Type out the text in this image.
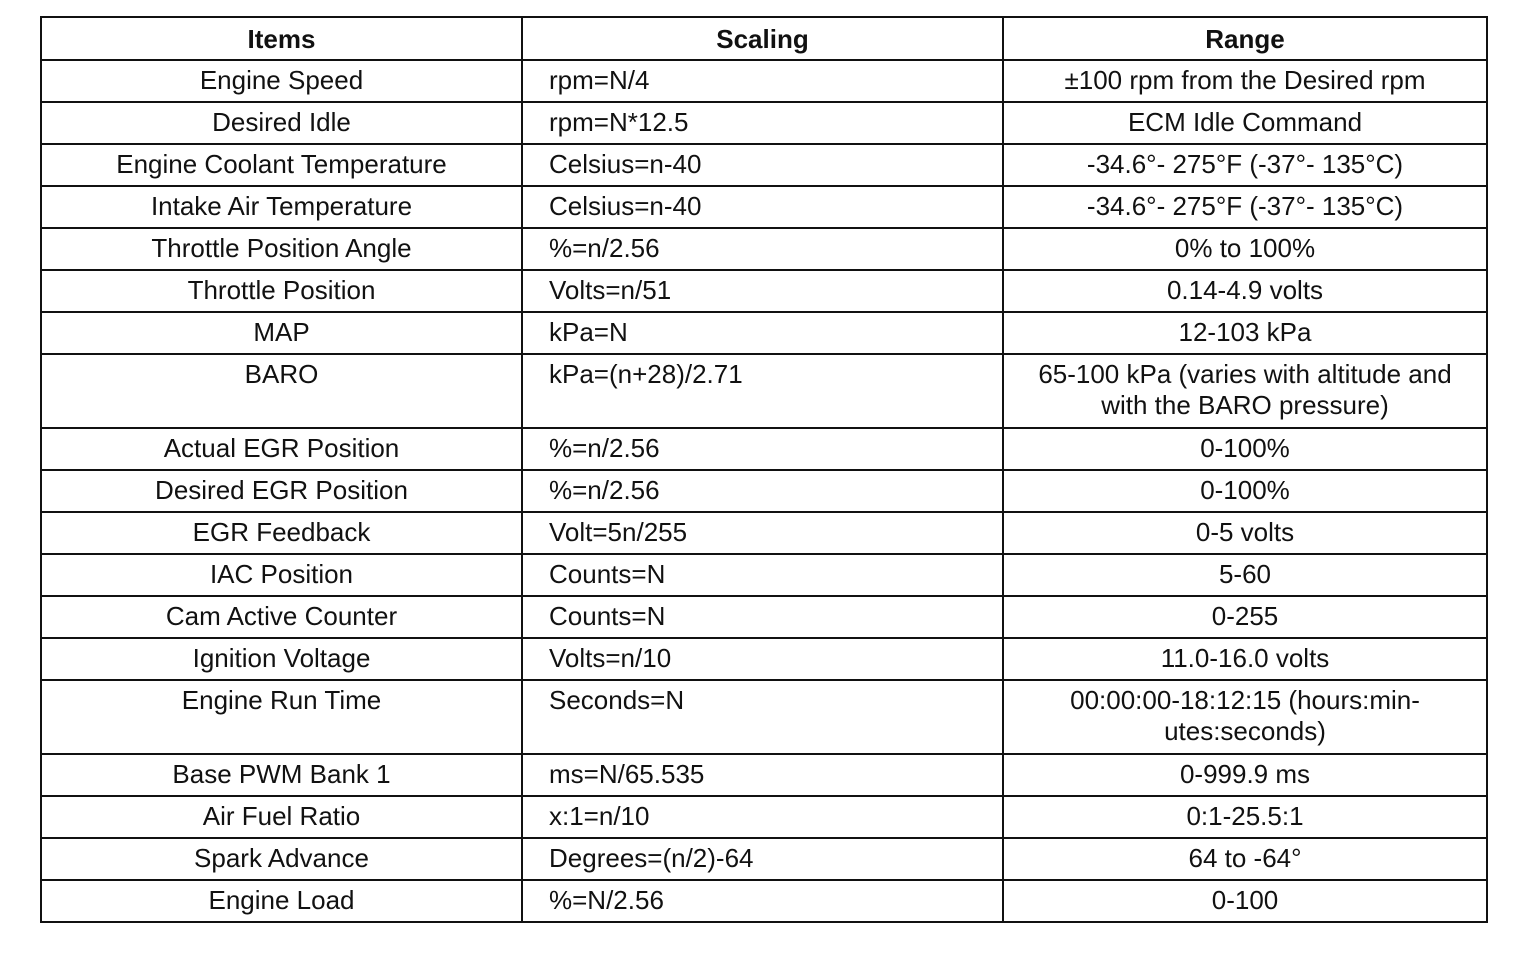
Items	Scaling	Range
Engine Speed	rpm=N/4	±100 rpm from the Desired rpm
Desired Idle	rpm=N*12.5	ECM Idle Command
Engine Coolant Temperature	Celsius=n-40	-34.6°- 275°F (-37°- 135°C)
Intake Air Temperature	Celsius=n-40	-34.6°- 275°F (-37°- 135°C)
Throttle Position Angle	%=n/2.56	0% to 100%
Throttle Position	Volts=n/51	0.14-4.9 volts
MAP	kPa=N	12-103 kPa
BARO	kPa=(n+28)/2.71	65-100 kPa (varies with altitude and with the BARO pressure)
Actual EGR Position	%=n/2.56	0-100%
Desired EGR Position	%=n/2.56	0-100%
EGR Feedback	Volt=5n/255	0-5 volts
IAC Position	Counts=N	5-60
Cam Active Counter	Counts=N	0-255
Ignition Voltage	Volts=n/10	11.0-16.0 volts
Engine Run Time	Seconds=N	00:00:00-18:12:15 (hours:min-utes:seconds)
Base PWM Bank 1	ms=N/65.535	0-999.9 ms
Air Fuel Ratio	x:1=n/10	0:1-25.5:1
Spark Advance	Degrees=(n/2)-64	64 to -64°
Engine Load	%=N/2.56	0-100
